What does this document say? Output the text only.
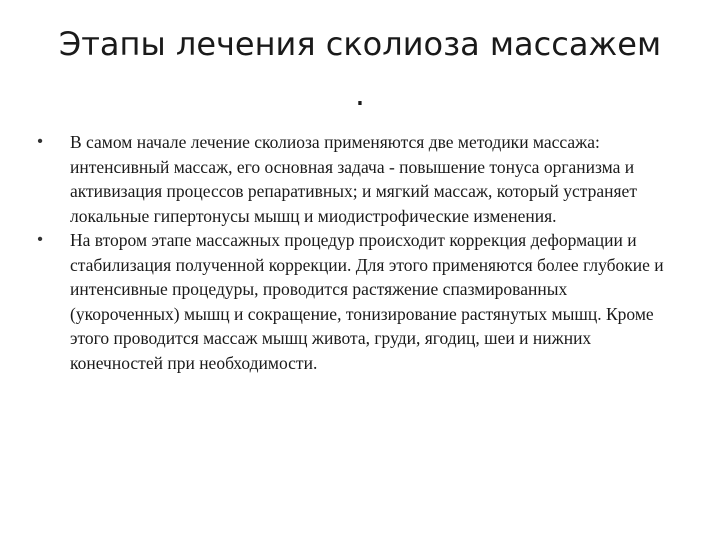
Этапы лечения сколиоза массажем
.
•	В самом начале лечение сколиоза применяются две методики массажа: интенсивный массаж, его основная задача - повышение тонуса организма и активизация процессов репаративных; и мягкий массаж, который устраняет локальные гипертонусы мышц и миодистрофические изменения.
•	На втором этапе массажных процедур происходит коррекция деформации и стабилизация полученной коррекции. Для этого применяются более глубокие и интенсивные процедуры, проводится растяжение спазмированных (укороченных) мышц и сокращение, тонизирование растянутых мышц. Кроме этого проводится массаж мышц живота, груди, ягодиц, шеи и нижних конечностей при необходимости.
